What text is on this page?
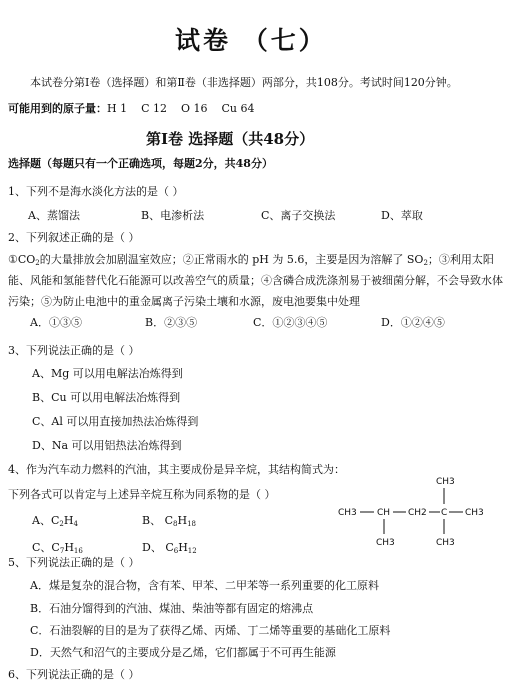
试卷 （七）
本试卷分第Ⅰ卷（选择题）和第Ⅱ卷（非选择题）两部分，共108分。考试时间120分钟。
可能用到的原子量：H 1    C 12    O 16    Cu 64
第Ⅰ卷 选择题（共48分）
选择题（每题只有一个正确选项，每题2分，共48分）
1、下列不是海水淡化方法的是（ ）
A、蒸馏法	B、电渗析法	C、离子交换法	D、萃取
2、下列叙述正确的是（ ）
$①CO_2$的大量排放会加剧温室效应；②正常雨水的 pH 为 5.6，主要是因为溶解了 $SO_2$；③利用太阳能、风能和氢能替代化石能源可以改善空气的质量；④含磷合成洗涤剂易于被细菌分解，不会导致水体污染；⑤为防止电池中的重金属离子污染土壤和水源，废电池要集中处理
A．①③⑤	B．②③⑤	C．①②③④⑤	D．①②④⑤
3、下列说法正确的是（ ）
A、Mg 可以用电解法冶炼得到
B、Cu 可以用电解法冶炼得到
C、Al 可以用直接加热法冶炼得到
D、Na 可以用铝热法冶炼得到
4、作为汽车动力燃料的汽油，其主要成份是异辛烷，其结构简式为：
下列各式可以肯定与上述异辛烷互称为同系物的是（ ）
A、$C_2H_4$	B、 $C_8H_{18}$
C、$C_7H_{16}$	D、 $C_6H_{12}$
CH3
CH3 CH CH2 C CH3
CH3	CH3
5、下列说法正确的是（ ）
A．煤是复杂的混合物，含有苯、甲苯、二甲苯等一系列重要的化工原料
B．石油分馏得到的汽油、煤油、柴油等都有固定的熔沸点
C．石油裂解的目的是为了获得乙烯、丙烯、丁二烯等重要的基础化工原料
D．天然气和沼气的主要成分是乙烯，它们都属于不可再生能源
6、下列说法正确的是（ ）
